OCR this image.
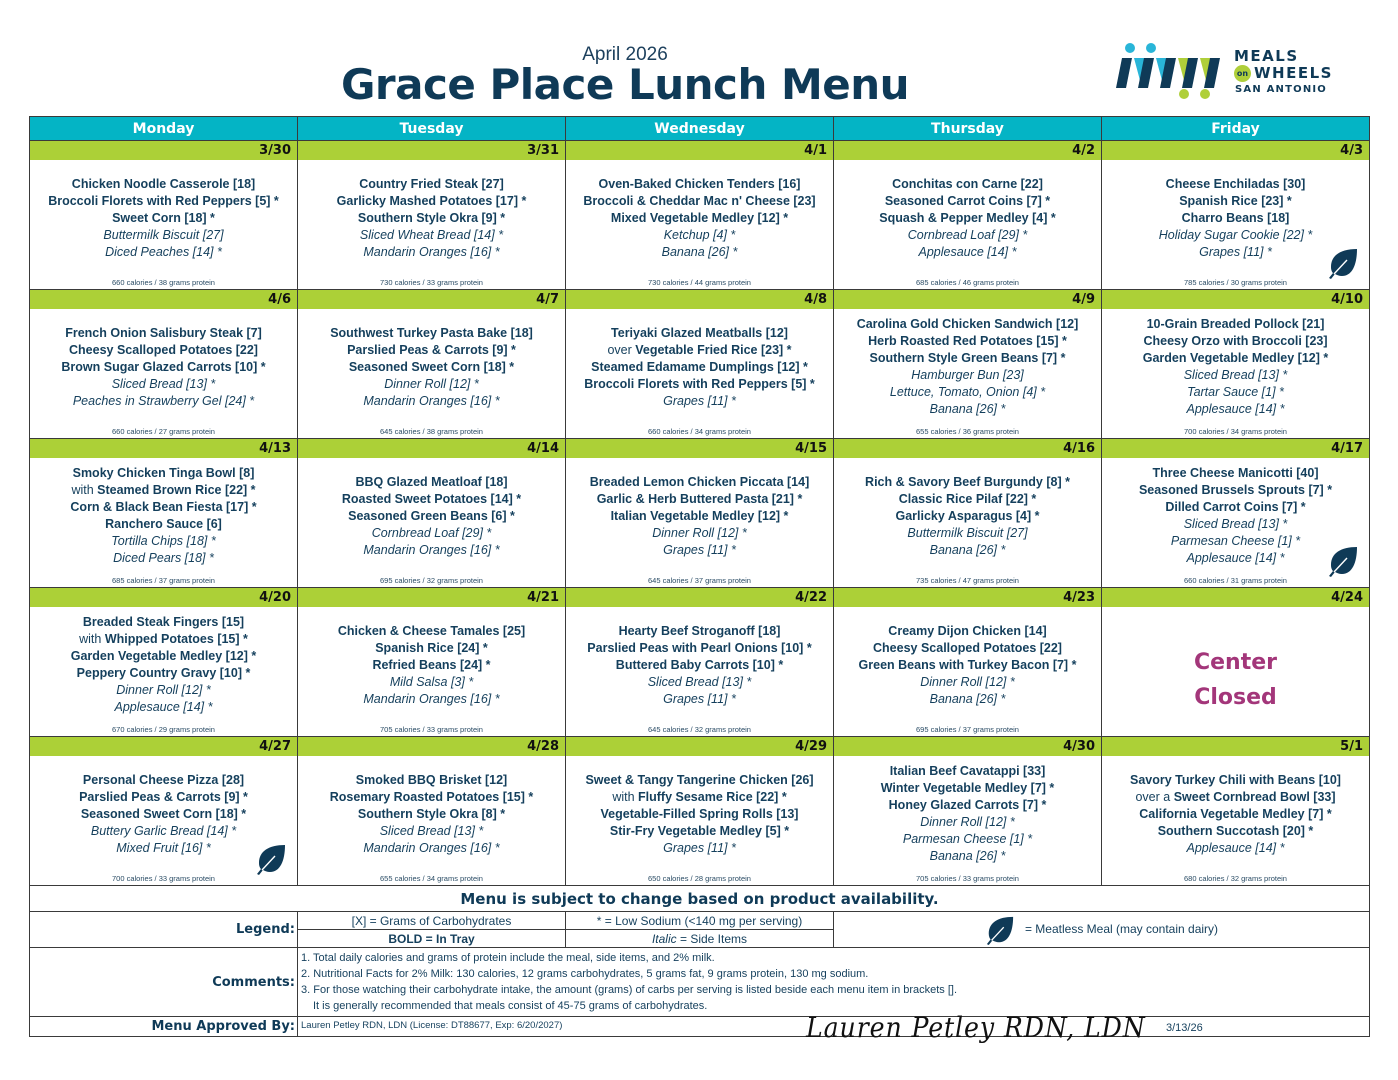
April 2026
Grace Place Lunch Menu
MEALS
on WHEELS
SAN ANTONIO
Monday	Tuesday	Wednesday	Thursday	Friday
3/30	3/31	4/1	4/2	4/3

Chicken Noodle Casserole [18]
Broccoli Florets with Red Peppers [5] *
Sweet Corn [18] *
Buttermilk Biscuit [27]
Diced Peaches [14] *
660 calories / 38 grams protein

Country Fried Steak [27]
Garlicky Mashed Potatoes [17] *
Southern Style Okra [9] *
Sliced Wheat Bread [14] *
Mandarin Oranges [16] *
730 calories / 33 grams protein

Oven-Baked Chicken Tenders [16]
Broccoli & Cheddar Mac n' Cheese [23]
Mixed Vegetable Medley [12] *
Ketchup [4] *
Banana [26] *
730 calories / 44 grams protein

Conchitas con Carne [22]
Seasoned Carrot Coins [7] *
Squash & Pepper Medley [4] *
Cornbread Loaf [29] *
Applesauce [14] *
685 calories / 46 grams protein

Cheese Enchiladas [30]
Spanish Rice [23] *
Charro Beans [18]
Holiday Sugar Cookie [22] *
Grapes [11] *
785 calories / 30 grams protein

4/6	4/7	4/8	4/9	4/10

French Onion Salisbury Steak [7]
Cheesy Scalloped Potatoes [22]
Brown Sugar Glazed Carrots [10] *
Sliced Bread [13] *
Peaches in Strawberry Gel [24] *
660 calories / 27 grams protein

Southwest Turkey Pasta Bake [18]
Parslied Peas & Carrots [9] *
Seasoned Sweet Corn [18] *
Dinner Roll [12] *
Mandarin Oranges [16] *
645 calories / 38 grams protein

Teriyaki Glazed Meatballs [12]
over Vegetable Fried Rice [23] *
Steamed Edamame Dumplings [12] *
Broccoli Florets with Red Peppers [5] *
Grapes [11] *
660 calories / 34 grams protein

Carolina Gold Chicken Sandwich [12]
Herb Roasted Red Potatoes [15] *
Southern Style Green Beans [7] *
Hamburger Bun [23]
Lettuce, Tomato, Onion [4] *
Banana [26] *
655 calories / 36 grams protein

10-Grain Breaded Pollock [21]
Cheesy Orzo with Broccoli [23]
Garden Vegetable Medley [12] *
Sliced Bread [13] *
Tartar Sauce [1] *
Applesauce [14] *
700 calories / 34 grams protein

4/13	4/14	4/15	4/16	4/17

Smoky Chicken Tinga Bowl [8]
with Steamed Brown Rice [22] *
Corn & Black Bean Fiesta [17] *
Ranchero Sauce [6]
Tortilla Chips [18] *
Diced Pears [18] *
685 calories / 37 grams protein

BBQ Glazed Meatloaf [18]
Roasted Sweet Potatoes [14] *
Seasoned Green Beans [6] *
Cornbread Loaf [29] *
Mandarin Oranges [16] *
695 calories / 32 grams protein

Breaded Lemon Chicken Piccata [14]
Garlic & Herb Buttered Pasta [21] *
Italian Vegetable Medley [12] *
Dinner Roll [12] *
Grapes [11] *
645 calories / 37 grams protein

Rich & Savory Beef Burgundy [8] *
Classic Rice Pilaf [22] *
Garlicky Asparagus [4] *
Buttermilk Biscuit [27]
Banana [26] *
735 calories / 47 grams protein

Three Cheese Manicotti [40]
Seasoned Brussels Sprouts [7] *
Dilled Carrot Coins [7] *
Sliced Bread [13] *
Parmesan Cheese [1] *
Applesauce [14] *
660 calories / 31 grams protein

4/20	4/21	4/22	4/23	4/24

Breaded Steak Fingers [15]
with Whipped Potatoes [15] *
Garden Vegetable Medley [12] *
Peppery Country Gravy [10] *
Dinner Roll [12] *
Applesauce [14] *
670 calories / 29 grams protein

Chicken & Cheese Tamales [25]
Spanish Rice [24] *
Refried Beans [24] *
Mild Salsa [3] *
Mandarin Oranges [16] *
705 calories / 33 grams protein

Hearty Beef Stroganoff [18]
Parslied Peas with Pearl Onions [10] *
Buttered Baby Carrots [10] *
Sliced Bread [13] *
Grapes [11] *
645 calories / 32 grams protein

Creamy Dijon Chicken [14]
Cheesy Scalloped Potatoes [22]
Green Beans with Turkey Bacon [7] *
Dinner Roll [12] *
Banana [26] *
695 calories / 37 grams protein

Center
Closed

4/27	4/28	4/29	4/30	5/1

Personal Cheese Pizza [28]
Parslied Peas & Carrots [9] *
Seasoned Sweet Corn [18] *
Buttery Garlic Bread [14] *
Mixed Fruit [16] *
700 calories / 33 grams protein

Smoked BBQ Brisket [12]
Rosemary Roasted Potatoes [15] *
Southern Style Okra [8] *
Sliced Bread [13] *
Mandarin Oranges [16] *
655 calories / 34 grams protein

Sweet & Tangy Tangerine Chicken [26]
with Fluffy Sesame Rice [22] *
Vegetable-Filled Spring Rolls [13]
Stir-Fry Vegetable Medley [5] *
Grapes [11] *
650 calories / 28 grams protein

Italian Beef Cavatappi [33]
Winter Vegetable Medley [7] *
Honey Glazed Carrots [7] *
Dinner Roll [12] *
Parmesan Cheese [1] *
Banana [26] *
705 calories / 33 grams protein

Savory Turkey Chili with Beans [10]
over a Sweet Cornbread Bowl [33]
California Vegetable Medley [7] *
Southern Succotash [20] *
Applesauce [14] *
680 calories / 32 grams protein

Menu is subject to change based on product availability.				
Legend:	[X] = Grams of Carbohydrates	* = Low Sodium (<140 mg per serving)	= Meatless Meal (may contain dairy)	
	BOLD = In Tray	Italic = Side Items		
Comments:	1. Total daily calories and grams of protein include the meal, side items, and 2% milk.
2. Nutritional Facts for 2% Milk: 130 calories, 12 grams carbohydrates, 5 grams fat, 9 grams protein, 130 mg sodium.
3. For those watching their carbohydrate intake, the amount (grams) of carbs per serving is listed beside each menu item in brackets [].
It is generally recommended that meals consist of 45-75 grams of carbohydrates.			

Menu Approved By:	Lauren Petley RDN, LDN (License: DT88677, Exp: 6/20/2027) Lauren Petley RDN, LDN 3/13/26			
